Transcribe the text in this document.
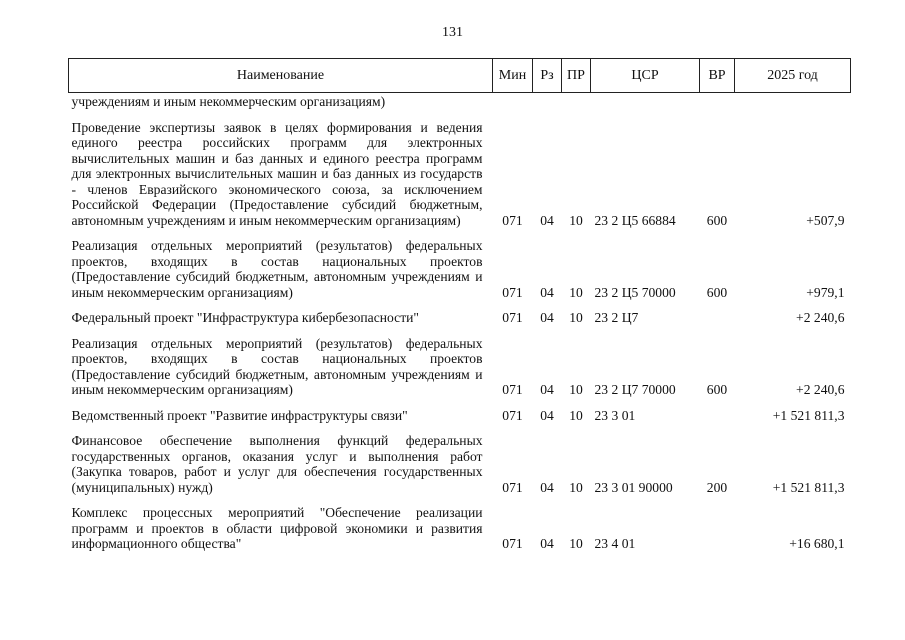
131
Наименование	Мин	Рз	ПР	ЦСР	ВР	2025 год
учреждениям и иным некоммерческим организациям)						
Проведение экспертизы заявок в целях формирования и ведения единого реестра российских программ для электронных вычислительных машин и баз данных и единого реестра программ для электронных вычислительных машин и баз данных из государств - членов Евразийского экономического союза, за исключением Российской Федерации (Предоставление субсидий бюджетным, автономным учреждениям и иным некоммерческим организациям)	071	04	10	23 2 Ц5 66884	600	+507,9
Реализация отдельных мероприятий (результатов) федеральных проектов, входящих в состав национальных проектов (Предоставление субсидий бюджетным, автономным учреждениям и иным некоммерческим организациям)	071	04	10	23 2 Ц5 70000	600	+979,1
Федеральный проект "Инфраструктура кибербезопасности"	071	04	10	23 2 Ц7		+2 240,6
Реализация отдельных мероприятий (результатов) федеральных проектов, входящих в состав национальных проектов (Предоставление субсидий бюджетным, автономным учреждениям и иным некоммерческим организациям)	071	04	10	23 2 Ц7 70000	600	+2 240,6
Ведомственный проект "Развитие инфраструктуры связи"	071	04	10	23 3 01		+1 521 811,3
Финансовое обеспечение выполнения функций федеральных государственных органов, оказания услуг и выполнения работ (Закупка товаров, работ и услуг для обеспечения государственных (муниципальных) нужд)	071	04	10	23 3 01 90000	200	+1 521 811,3
Комплекс процессных мероприятий "Обеспечение реализации программ и проектов в области цифровой экономики и развития информационного общества"	071	04	10	23 4 01		+16 680,1
